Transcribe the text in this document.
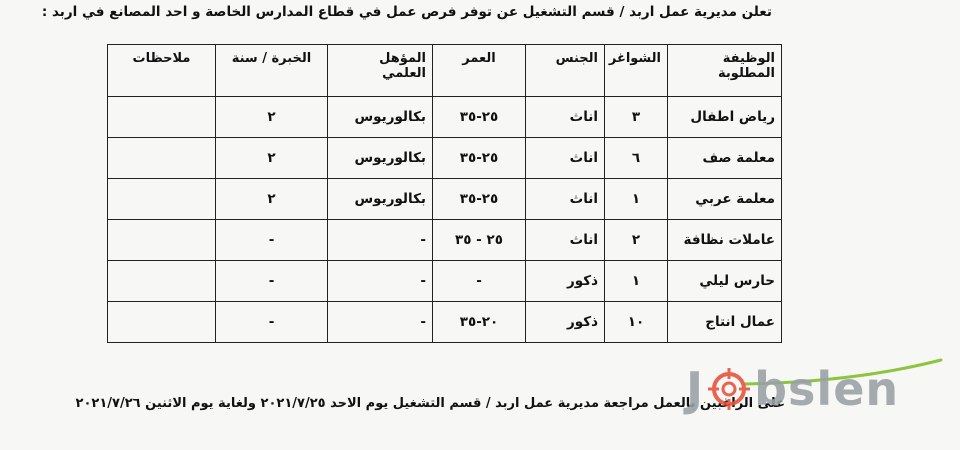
تعلن مديرية عمل اربد / قسم التشغيل عن توفر فرص عمل في قطاع المدارس الخاصة و احد المصانع في اربد :
الوظيفة المطلوبة	الشواغر	الجنس	العمر	المؤهل العلمي	الخبرة / سنة	ملاحظات
رياض اطفال	٣	اناث	٢٥-٣٥	بكالوريوس	٢	
معلمة صف	٦	اناث	٢٥-٣٥	بكالوريوس	٢	
معلمة عربي	١	اناث	٢٥-٣٥	بكالوريوس	٢	
عاملات نظافة	٢	اناث	٢٥ - ٣٥	-	-	
حارس ليلي	١	ذكور	-	-	-	
عمال انتاج	١٠	ذكور	٢٠-٣٥	-	-	
على الراغبين بالعمل مراجعة مديرية عمل اربد / قسم التشغيل يوم الاحد ٢٠٢١/٧/٢٥ ولغاية يوم الاثنين ٢٠٢١/٧/٢٦
J bslen
